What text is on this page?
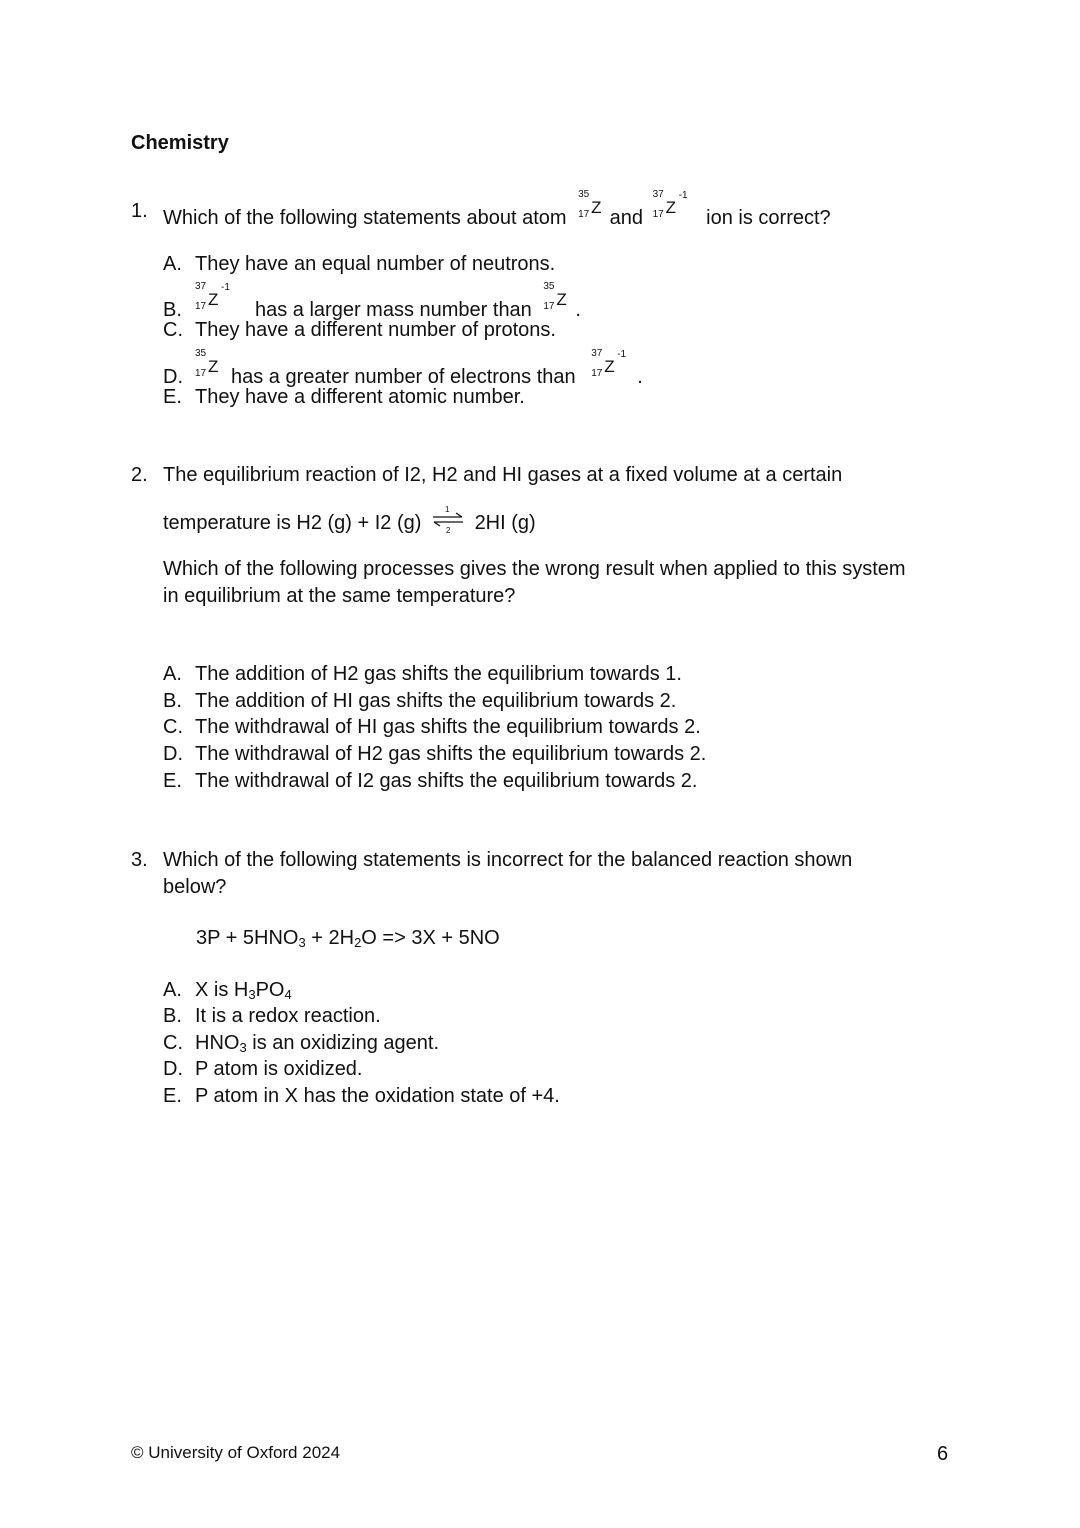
Chemistry
1. Which of the following statements about atom
35
17 Z and
37
17 Z
-1
ion is correct?
A. They have an equal number of neutrons.
B.
37
17 Z
-1
has a larger mass number than
35
17 Z .
C. They have a different number of protons.
D.
35
17 Z has a greater number of electrons than
37
17 Z
-1
.
E. They have a different atomic number.
2. The equilibrium reaction of I2, H2 and HI gases at a fixed volume at a certain
temperature is H2 (g) + I2 (g)
1
2 2HI (g)
Which of the following processes gives the wrong result when applied to this system
in equilibrium at the same temperature?
A. The addition of H2 gas shifts the equilibrium towards 1.
B. The addition of HI gas shifts the equilibrium towards 2.
C. The withdrawal of HI gas shifts the equilibrium towards 2.
D. The withdrawal of H2 gas shifts the equilibrium towards 2.
E. The withdrawal of I2 gas shifts the equilibrium towards 2.
3. Which of the following statements is incorrect for the balanced reaction shown
below?
$3P + 5HNO_3 + 2H_2O => 3X + 5NO$
A. X is $H_3PO_4$
B. It is a redox reaction.
C. $HNO_3$ is an oxidizing agent.
D. P atom is oxidized.
E. P atom in X has the oxidation state of +4.
© University of Oxford 2024	6
